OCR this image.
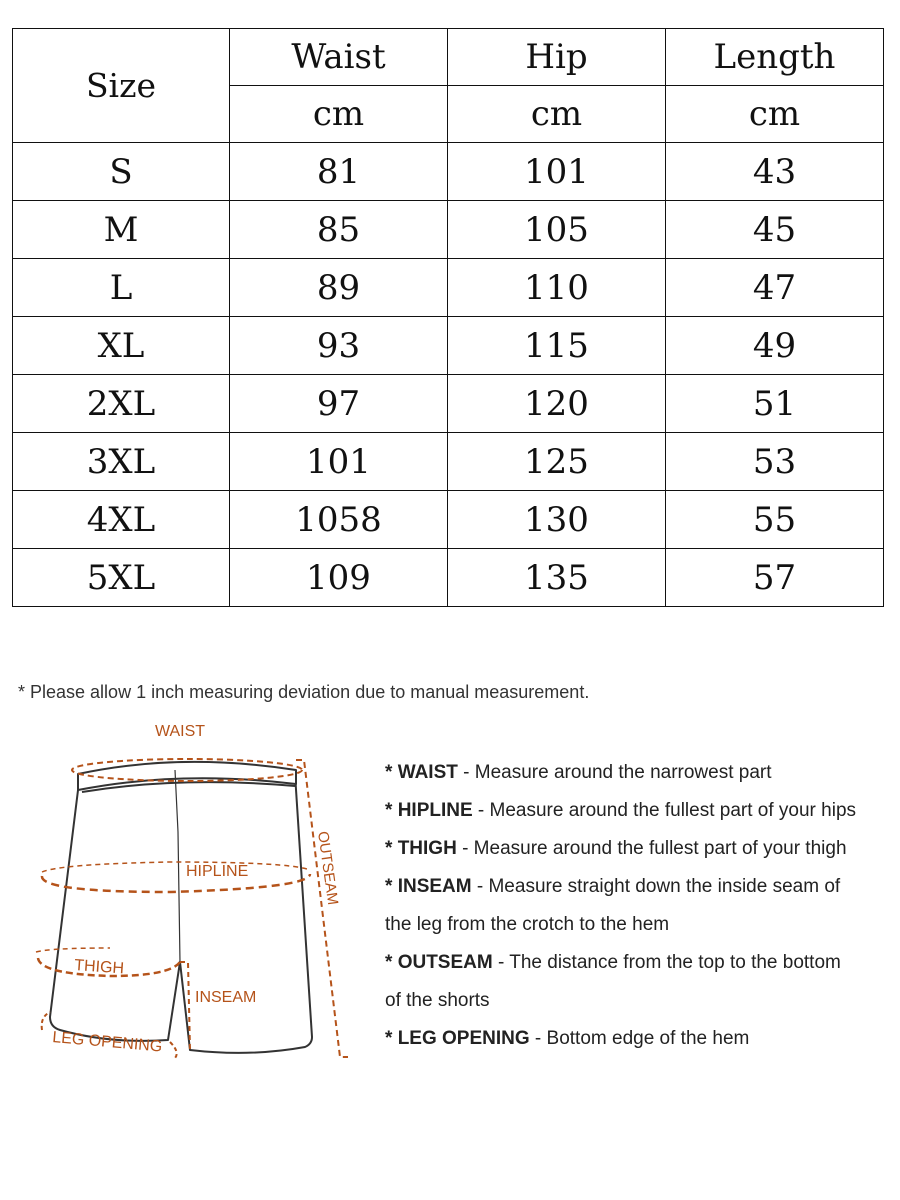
Size	Waist	Hip	Length
	cm	cm	cm
S	81	101	43
M	85	105	45
L	89	110	47
XL	93	115	49
2XL	97	120	51
3XL	101	125	53
4XL	1058	130	55
5XL	109	135	57
* Please allow 1 inch measuring deviation due to manual measurement.
WAIST
HIPLINE	OUTSEAM
THIGH
INSEAM
LEG OPENING
* WAIST - Measure around the narrowest part
* HIPLINE - Measure around the fullest part of your hips
* THIGH - Measure around the fullest part of your thigh
* INSEAM - Measure straight down the inside seam of
the leg from the crotch to the hem
* OUTSEAM - The distance from the top to the bottom
of the shorts
* LEG OPENING - Bottom edge of the hem
